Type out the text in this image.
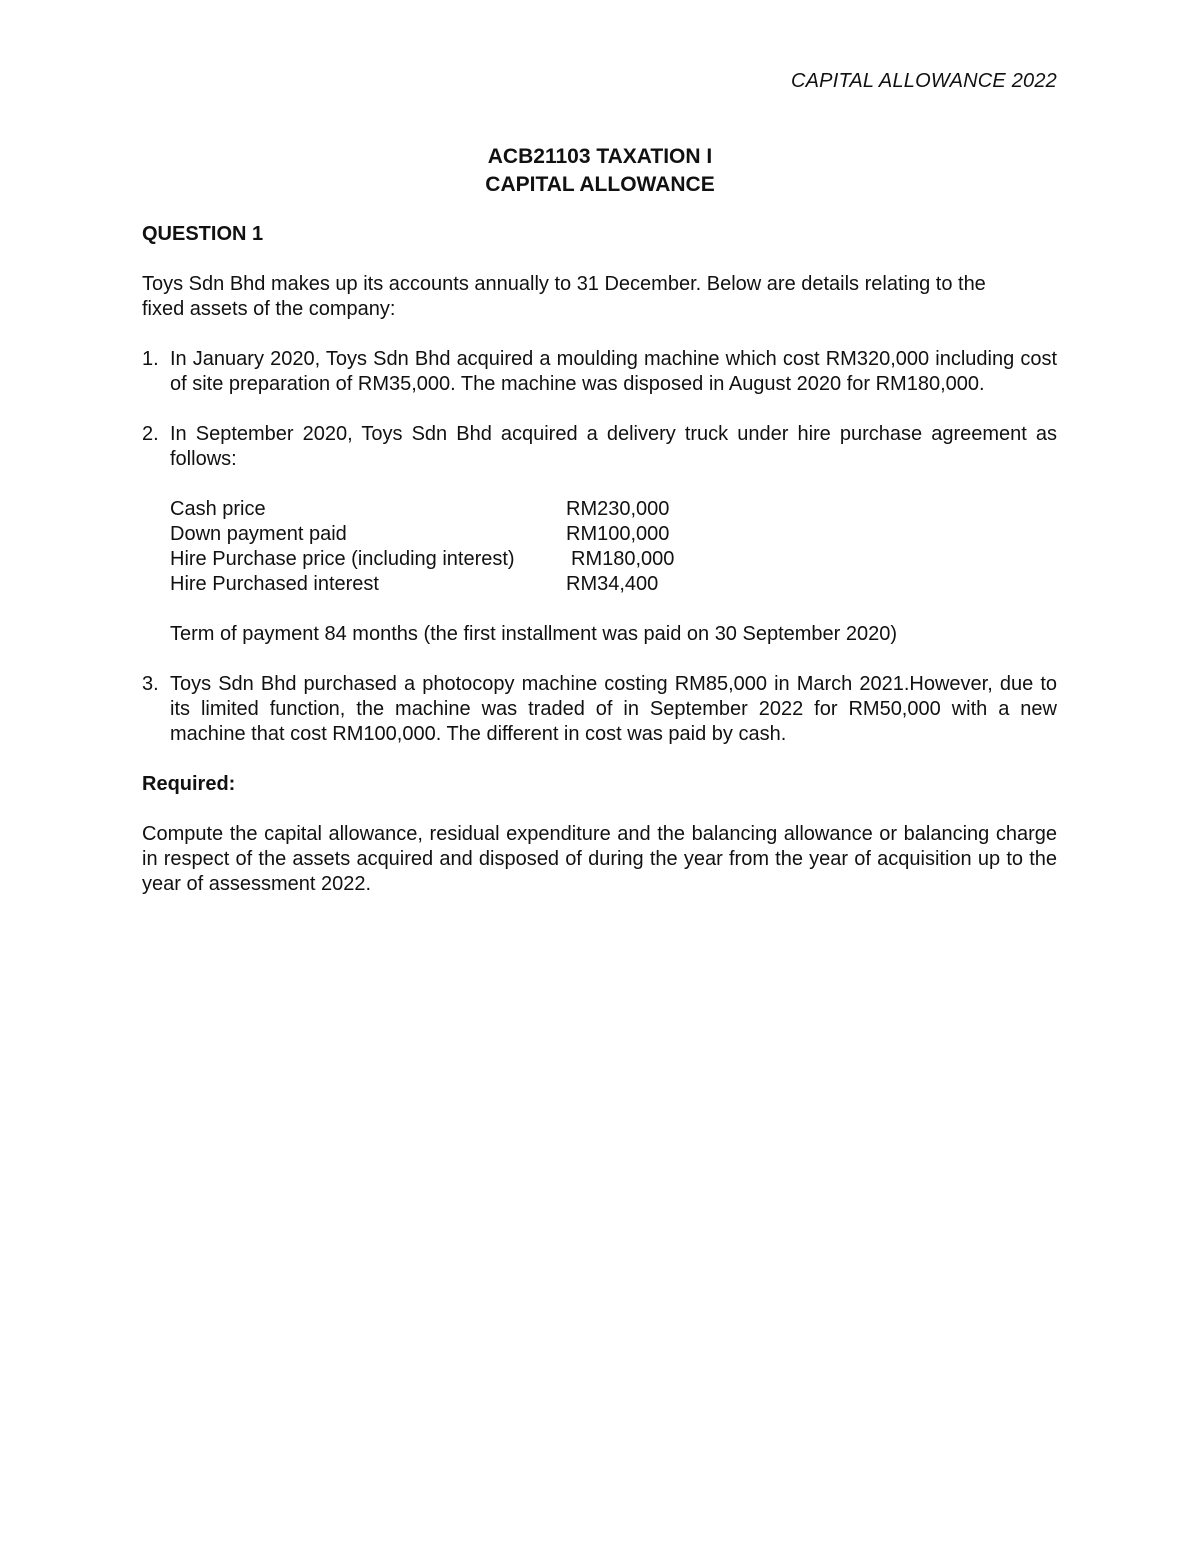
CAPITAL ALLOWANCE 2022
ACB21103 TAXATION I
CAPITAL ALLOWANCE

QUESTION 1

Toys Sdn Bhd makes up its accounts annually to 31 December. Below are details relating to the fixed assets of the company:

1. In January 2020, Toys Sdn Bhd acquired a moulding machine which cost RM320,000 including cost of site preparation of RM35,000. The machine was disposed in August 2020 for RM180,000.
2. In September 2020, Toys Sdn Bhd acquired a delivery truck under hire purchase agreement as follows:
Cash price	RM230,000
Down payment paid	RM100,000
Hire Purchase price (including interest)	RM180,000
Hire Purchased interest	RM34,400
Term of payment 84 months (the first installment was paid on 30 September 2020)
3. Toys Sdn Bhd purchased a photocopy machine costing RM85,000 in March 2021.However, due to its limited function, the machine was traded of in September 2022 for RM50,000 with a new machine that cost RM100,000. The different in cost was paid by cash.

Required:

Compute the capital allowance, residual expenditure and the balancing allowance or balancing charge in respect of the assets acquired and disposed of during the year from the year of acquisition up to the year of assessment 2022.
